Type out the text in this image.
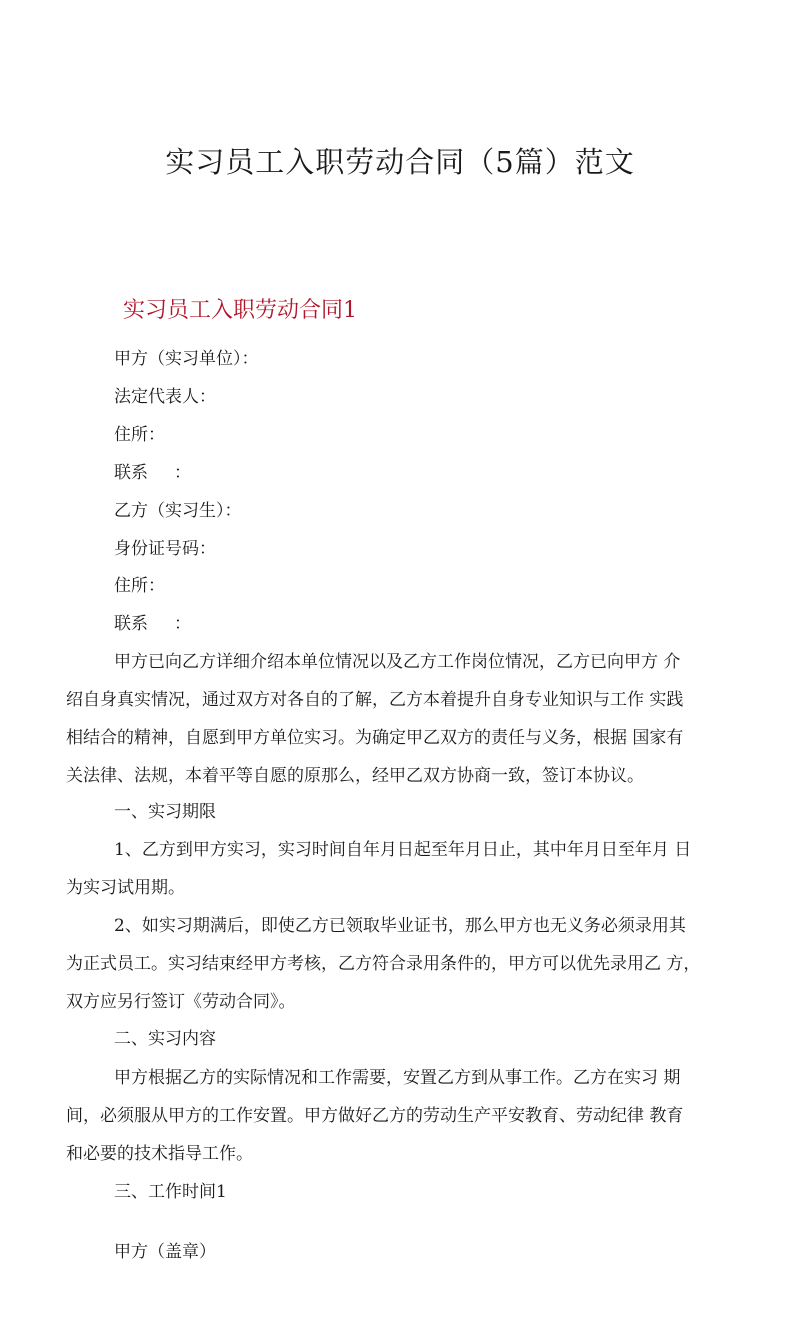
实习员工入职劳动合同（5篇）范文
实习员工入职劳动合同1
甲方（实习单位）：
法定代表人：
住所：
联系 ：
乙方（实习生）：
身份证号码：
住所：
联系 ：
甲方已向乙方详细介绍本单位情况以及乙方工作岗位情况，乙方已向甲方 介
绍自身真实情况，通过双方对各自的了解，乙方本着提升自身专业知识与工作 实践
相结合的精神，自愿到甲方单位实习。为确定甲乙双方的责任与义务，根据 国家有
关法律、法规，本着平等自愿的原那么，经甲乙双方协商一致，签订本协议。
一、实习期限
1、乙方到甲方实习，实习时间自年月日起至年月日止，其中年月日至年月 日
为实习试用期。
2、如实习期满后，即使乙方已领取毕业证书，那么甲方也无义务必须录用其
为正式员工。实习结束经甲方考核，乙方符合录用条件的，甲方可以优先录用乙 方，
双方应另行签订《劳动合同》。
二、实习内容
甲方根据乙方的实际情况和工作需要，安置乙方到从事工作。乙方在实习 期
间，必须服从甲方的工作安置。甲方做好乙方的劳动生产平安教育、劳动纪律 教育
和必要的技术指导工作。
三、工作时间1
甲方（盖章）
